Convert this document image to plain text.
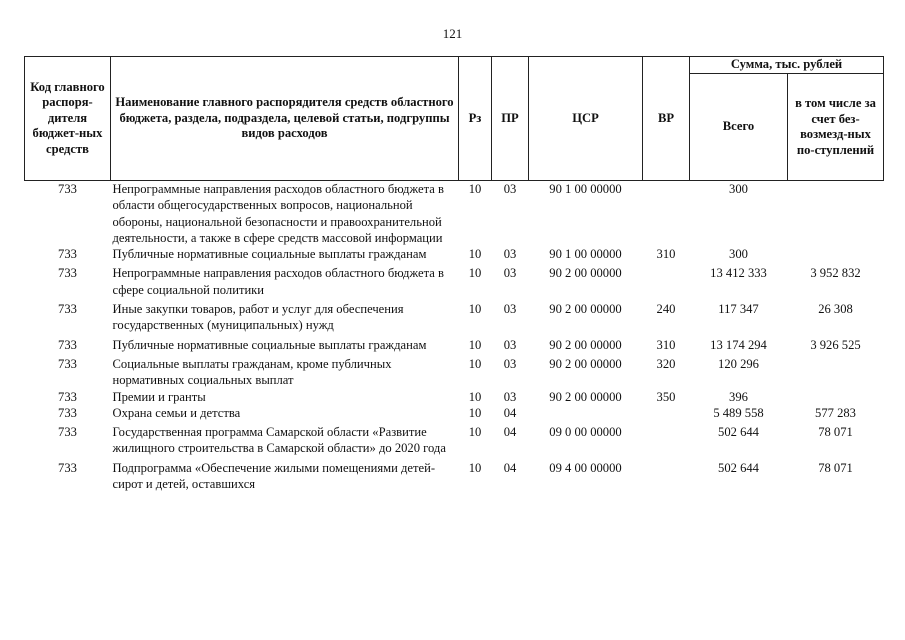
121
Код главного распоря-дителя бюджет-ных средств	Наименование главного распорядителя средств областного бюджета, раздела, подраздела, целевой статьи, подгруппы видов расходов	Рз	ПР	ЦСР	ВР	Сумма, тыс. рублей	
						Всего	в том числе за счет без-возмезд-ных по-ступлений
733	Непрограммные направления расходов областного бюджета в области общегосударственных вопросов, национальной обороны, национальной безопасности и правоохранительной деятельности, а также в сфере средств массовой информации	10	03	90 1 00 00000		300	
733	Публичные нормативные социальные выплаты гражданам	10	03	90 1 00 00000	310	300	
733	Непрограммные направления расходов областного бюджета в сфере социальной политики	10	03	90 2 00 00000		13 412 333	3 952 832
733	Иные закупки товаров, работ и услуг для обеспечения государственных (муниципальных) нужд	10	03	90 2 00 00000	240	117 347	26 308
733	Публичные нормативные социальные выплаты гражданам	10	03	90 2 00 00000	310	13 174 294	3 926 525
733	Социальные выплаты гражданам, кроме публичных нормативных социальных выплат	10	03	90 2 00 00000	320	120 296	
733	Премии и гранты	10	03	90 2 00 00000	350	396	
733	Охрана семьи и детства	10	04			5 489 558	577 283
733	Государственная программа Самарской области «Развитие жилищного строительства в Самарской области» до 2020 года	10	04	09 0 00 00000		502 644	78 071
733	Подпрограмма «Обеспечение жилыми помещениями детей-сирот и детей, оставшихся	10	04	09 4 00 00000		502 644	78 071
